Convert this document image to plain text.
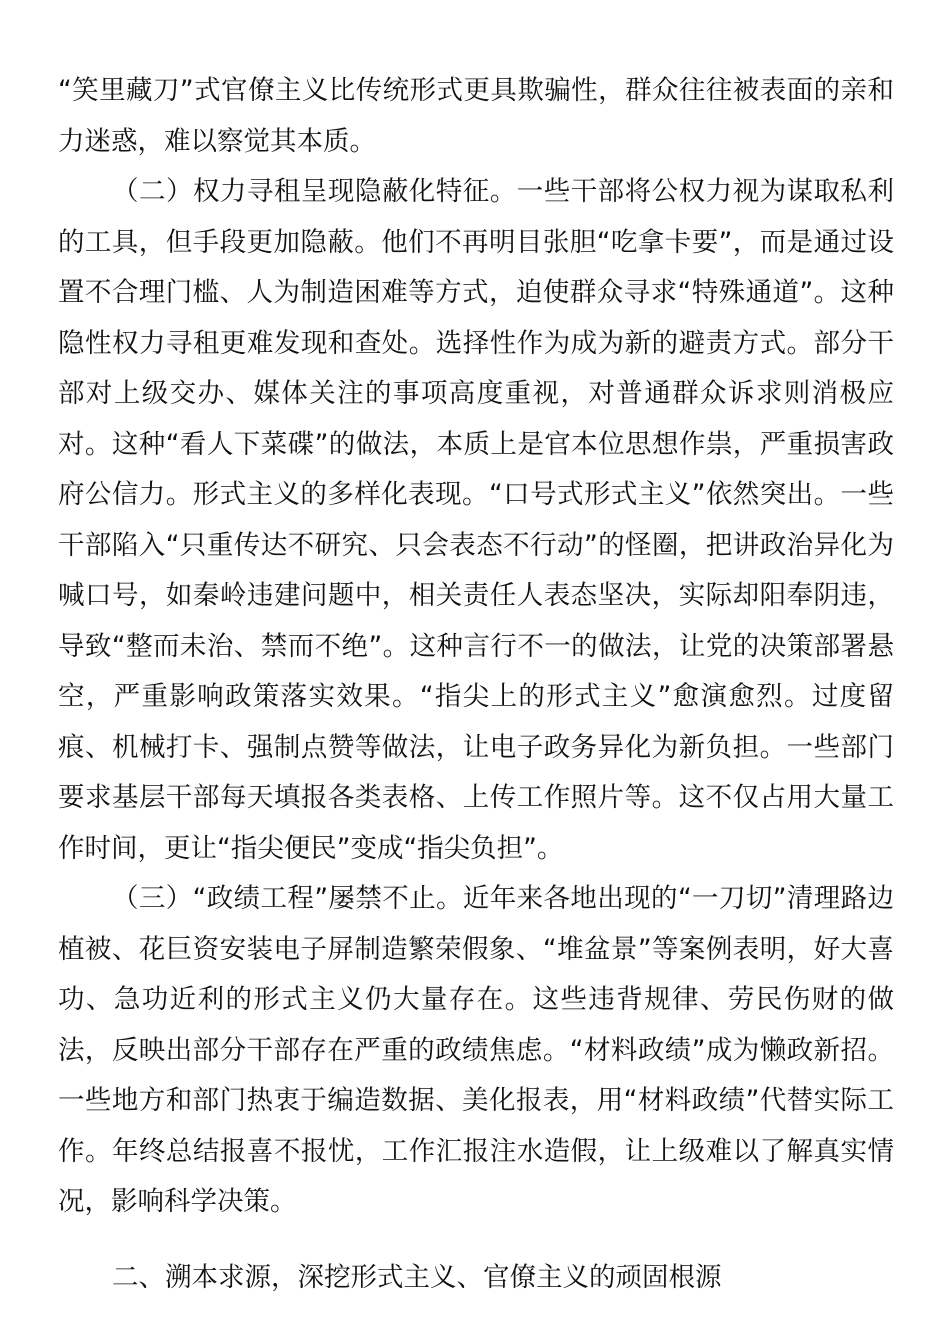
“笑里藏刀”式官僚主义比传统形式更具欺骗性，群众往往被表面的亲和力迷惑，难以察觉其本质。

（二）权力寻租呈现隐蔽化特征。一些干部将公权力视为谋取私利的工具，但手段更加隐蔽。他们不再明目张胆“吃拿卡要”，而是通过设置不合理门槛、人为制造困难等方式，迫使群众寻求“特殊通道”。这种隐性权力寻租更难发现和查处。选择性作为成为新的避责方式。部分干部对上级交办、媒体关注的事项高度重视，对普通群众诉求则消极应对。这种“看人下菜碟”的做法，本质上是官本位思想作祟，严重损害政府公信力。形式主义的多样化表现。“口号式形式主义”依然突出。一些干部陷入“只重传达不研究、只会表态不行动”的怪圈，把讲政治异化为喊口号，如秦岭违建问题中，相关责任人表态坚决，实际却阳奉阴违，导致“整而未治、禁而不绝”。这种言行不一的做法，让党的决策部署悬空，严重影响政策落实效果。“指尖上的形式主义”愈演愈烈。过度留痕、机械打卡、强制点赞等做法，让电子政务异化为新负担。一些部门要求基层干部每天填报各类表格、上传工作照片等。这不仅占用大量工作时间，更让“指尖便民”变成“指尖负担”。

（三）“政绩工程”屡禁不止。近年来各地出现的“一刀切”清理路边植被、花巨资安装电子屏制造繁荣假象、“堆盆景”等案例表明，好大喜功、急功近利的形式主义仍大量存在。这些违背规律、劳民伤财的做法，反映出部分干部存在严重的政绩焦虑。“材料政绩”成为懒政新招。一些地方和部门热衷于编造数据、美化报表，用“材料政绩”代替实际工作。年终总结报喜不报忧，工作汇报注水造假，让上级难以了解真实情况，影响科学决策。

二、溯本求源，深挖形式主义、官僚主义的顽固根源
